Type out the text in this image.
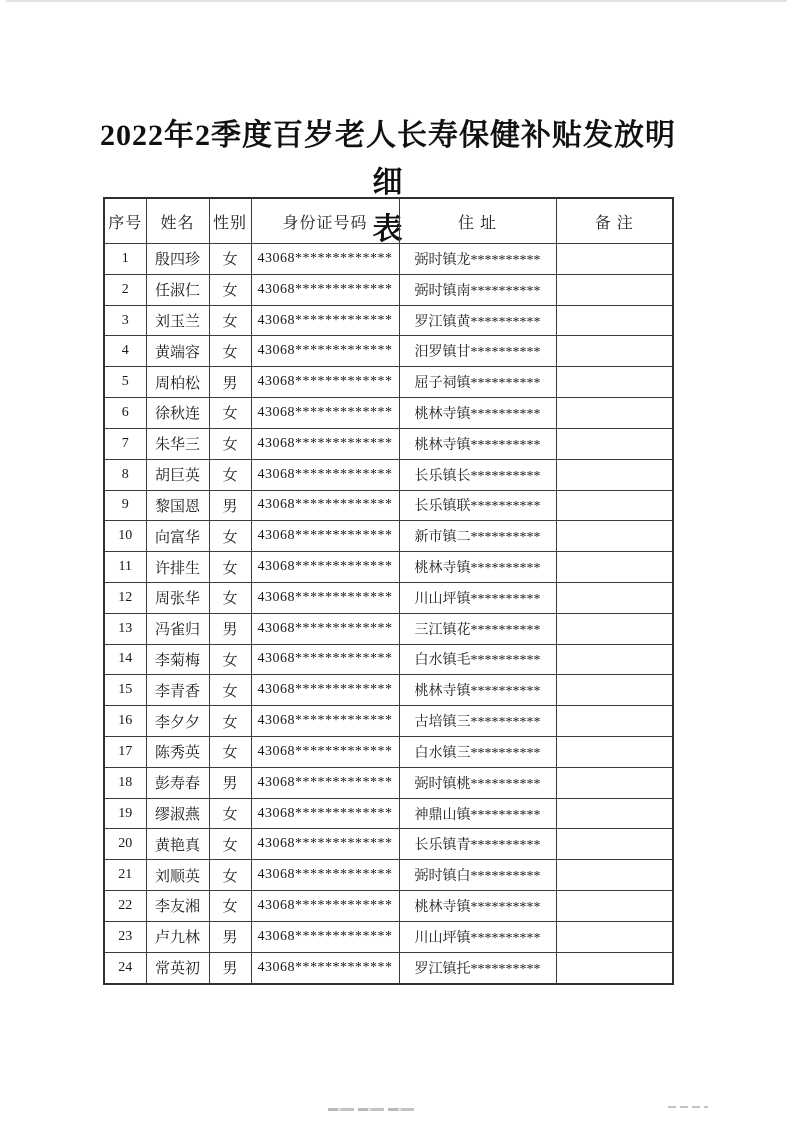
2022年2季度百岁老人长寿保健补贴发放明细
表
序号	姓名	性别	身份证号码	住 址	备 注
1	殷四珍	女	43068*************	弼时镇龙**********	
2	任淑仁	女	43068*************	弼时镇南**********	
3	刘玉兰	女	43068*************	罗江镇黄**********	
4	黄端容	女	43068*************	汨罗镇甘**********	
5	周柏松	男	43068*************	屈子祠镇**********	
6	徐秋连	女	43068*************	桃林寺镇**********	
7	朱华三	女	43068*************	桃林寺镇**********	
8	胡巨英	女	43068*************	长乐镇长**********	
9	黎国恩	男	43068*************	长乐镇联**********	
10	向富华	女	43068*************	新市镇二**********	
11	许排生	女	43068*************	桃林寺镇**********	
12	周张华	女	43068*************	川山坪镇**********	
13	冯雀归	男	43068*************	三江镇花**********	
14	李菊梅	女	43068*************	白水镇毛**********	
15	李青香	女	43068*************	桃林寺镇**********	
16	李夕夕	女	43068*************	古培镇三**********	
17	陈秀英	女	43068*************	白水镇三**********	
18	彭寿春	男	43068*************	弼时镇桃**********	
19	缪淑燕	女	43068*************	神鼎山镇**********	
20	黄艳真	女	43068*************	长乐镇青**********	
21	刘顺英	女	43068*************	弼时镇白**********	
22	李友湘	女	43068*************	桃林寺镇**********	
23	卢九林	男	43068*************	川山坪镇**********	
24	常英初	男	43068*************	罗江镇托**********	
